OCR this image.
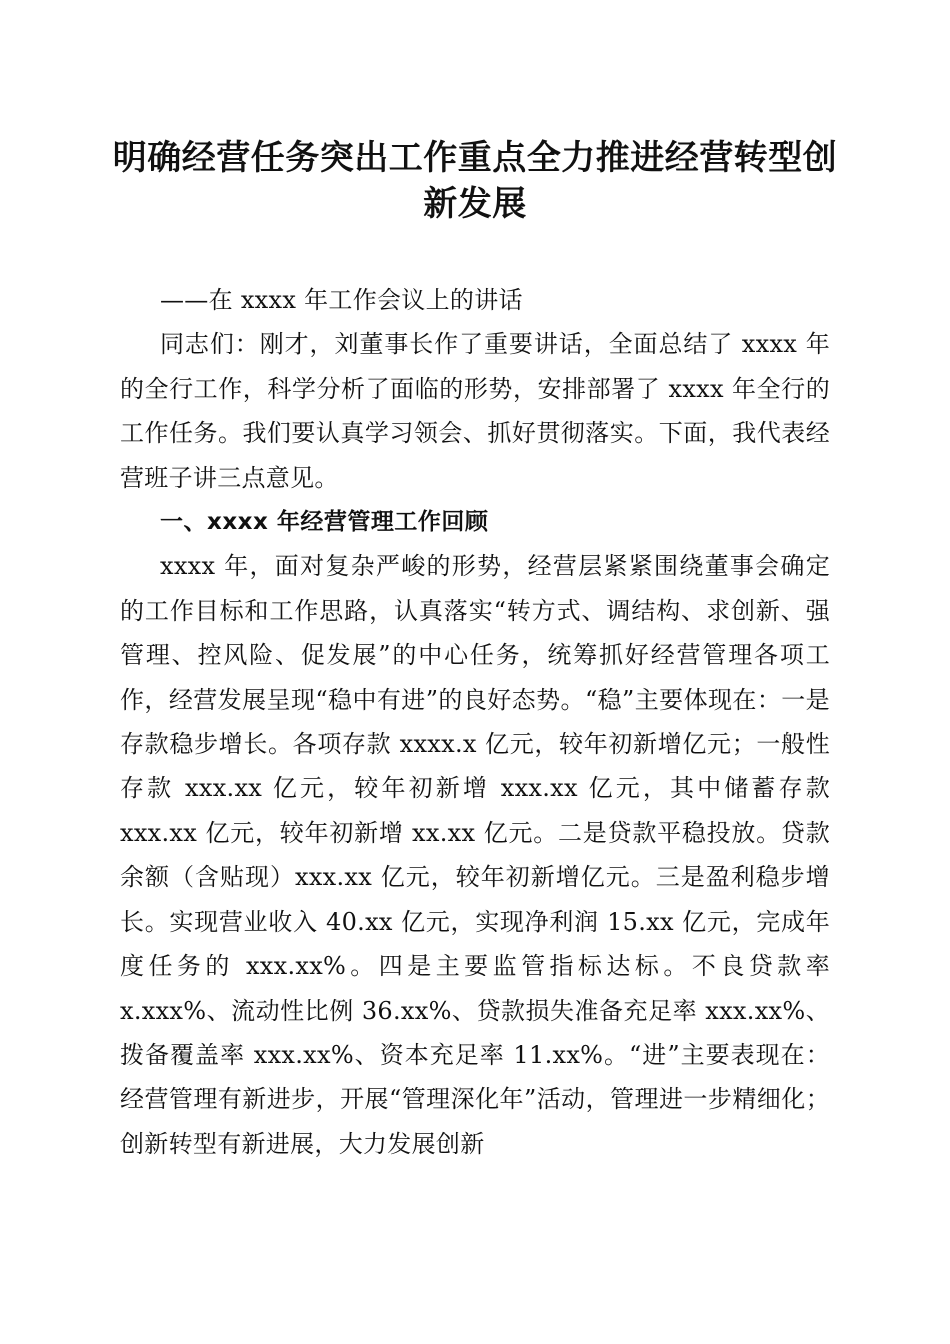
明确经营任务突出工作重点全力推进经营转型创新发展

——在 xxxx 年工作会议上的讲话

同志们：刚才，刘董事长作了重要讲话，全面总结了 xxxx 年的全行工作，科学分析了面临的形势，安排部署了 xxxx 年全行的工作任务。我们要认真学习领会、抓好贯彻落实。下面，我代表经营班子讲三点意见。

一、xxxx 年经营管理工作回顾

xxxx 年，面对复杂严峻的形势，经营层紧紧围绕董事会确定的工作目标和工作思路，认真落实“转方式、调结构、求创新、强管理、控风险、促发展”的中心任务，统筹抓好经营管理各项工作，经营发展呈现“稳中有进”的良好态势。“稳”主要体现在：一是存款稳步增长。各项存款 xxxx.x 亿元，较年初新增亿元；一般性存款 xxx.xx 亿元，较年初新增 xxx.xx 亿元，其中储蓄存款 xxx.xx 亿元，较年初新增 xx.xx 亿元。二是贷款平稳投放。贷款余额（含贴现）xxx.xx 亿元，较年初新增亿元。三是盈利稳步增长。实现营业收入 40.xx 亿元，实现净利润 15.xx 亿元，完成年度任务的 xxx.xx%。四是主要监管指标达标。不良贷款率 x.xxx%、流动性比例 36.xx%、贷款损失准备充足率 xxx.xx%、拨备覆盖率 xxx.xx%、资本充足率 11.xx%。“进”主要表现在：经营管理有新进步，开展“管理深化年”活动，管理进一步精细化；创新转型有新进展，大力发展创新
